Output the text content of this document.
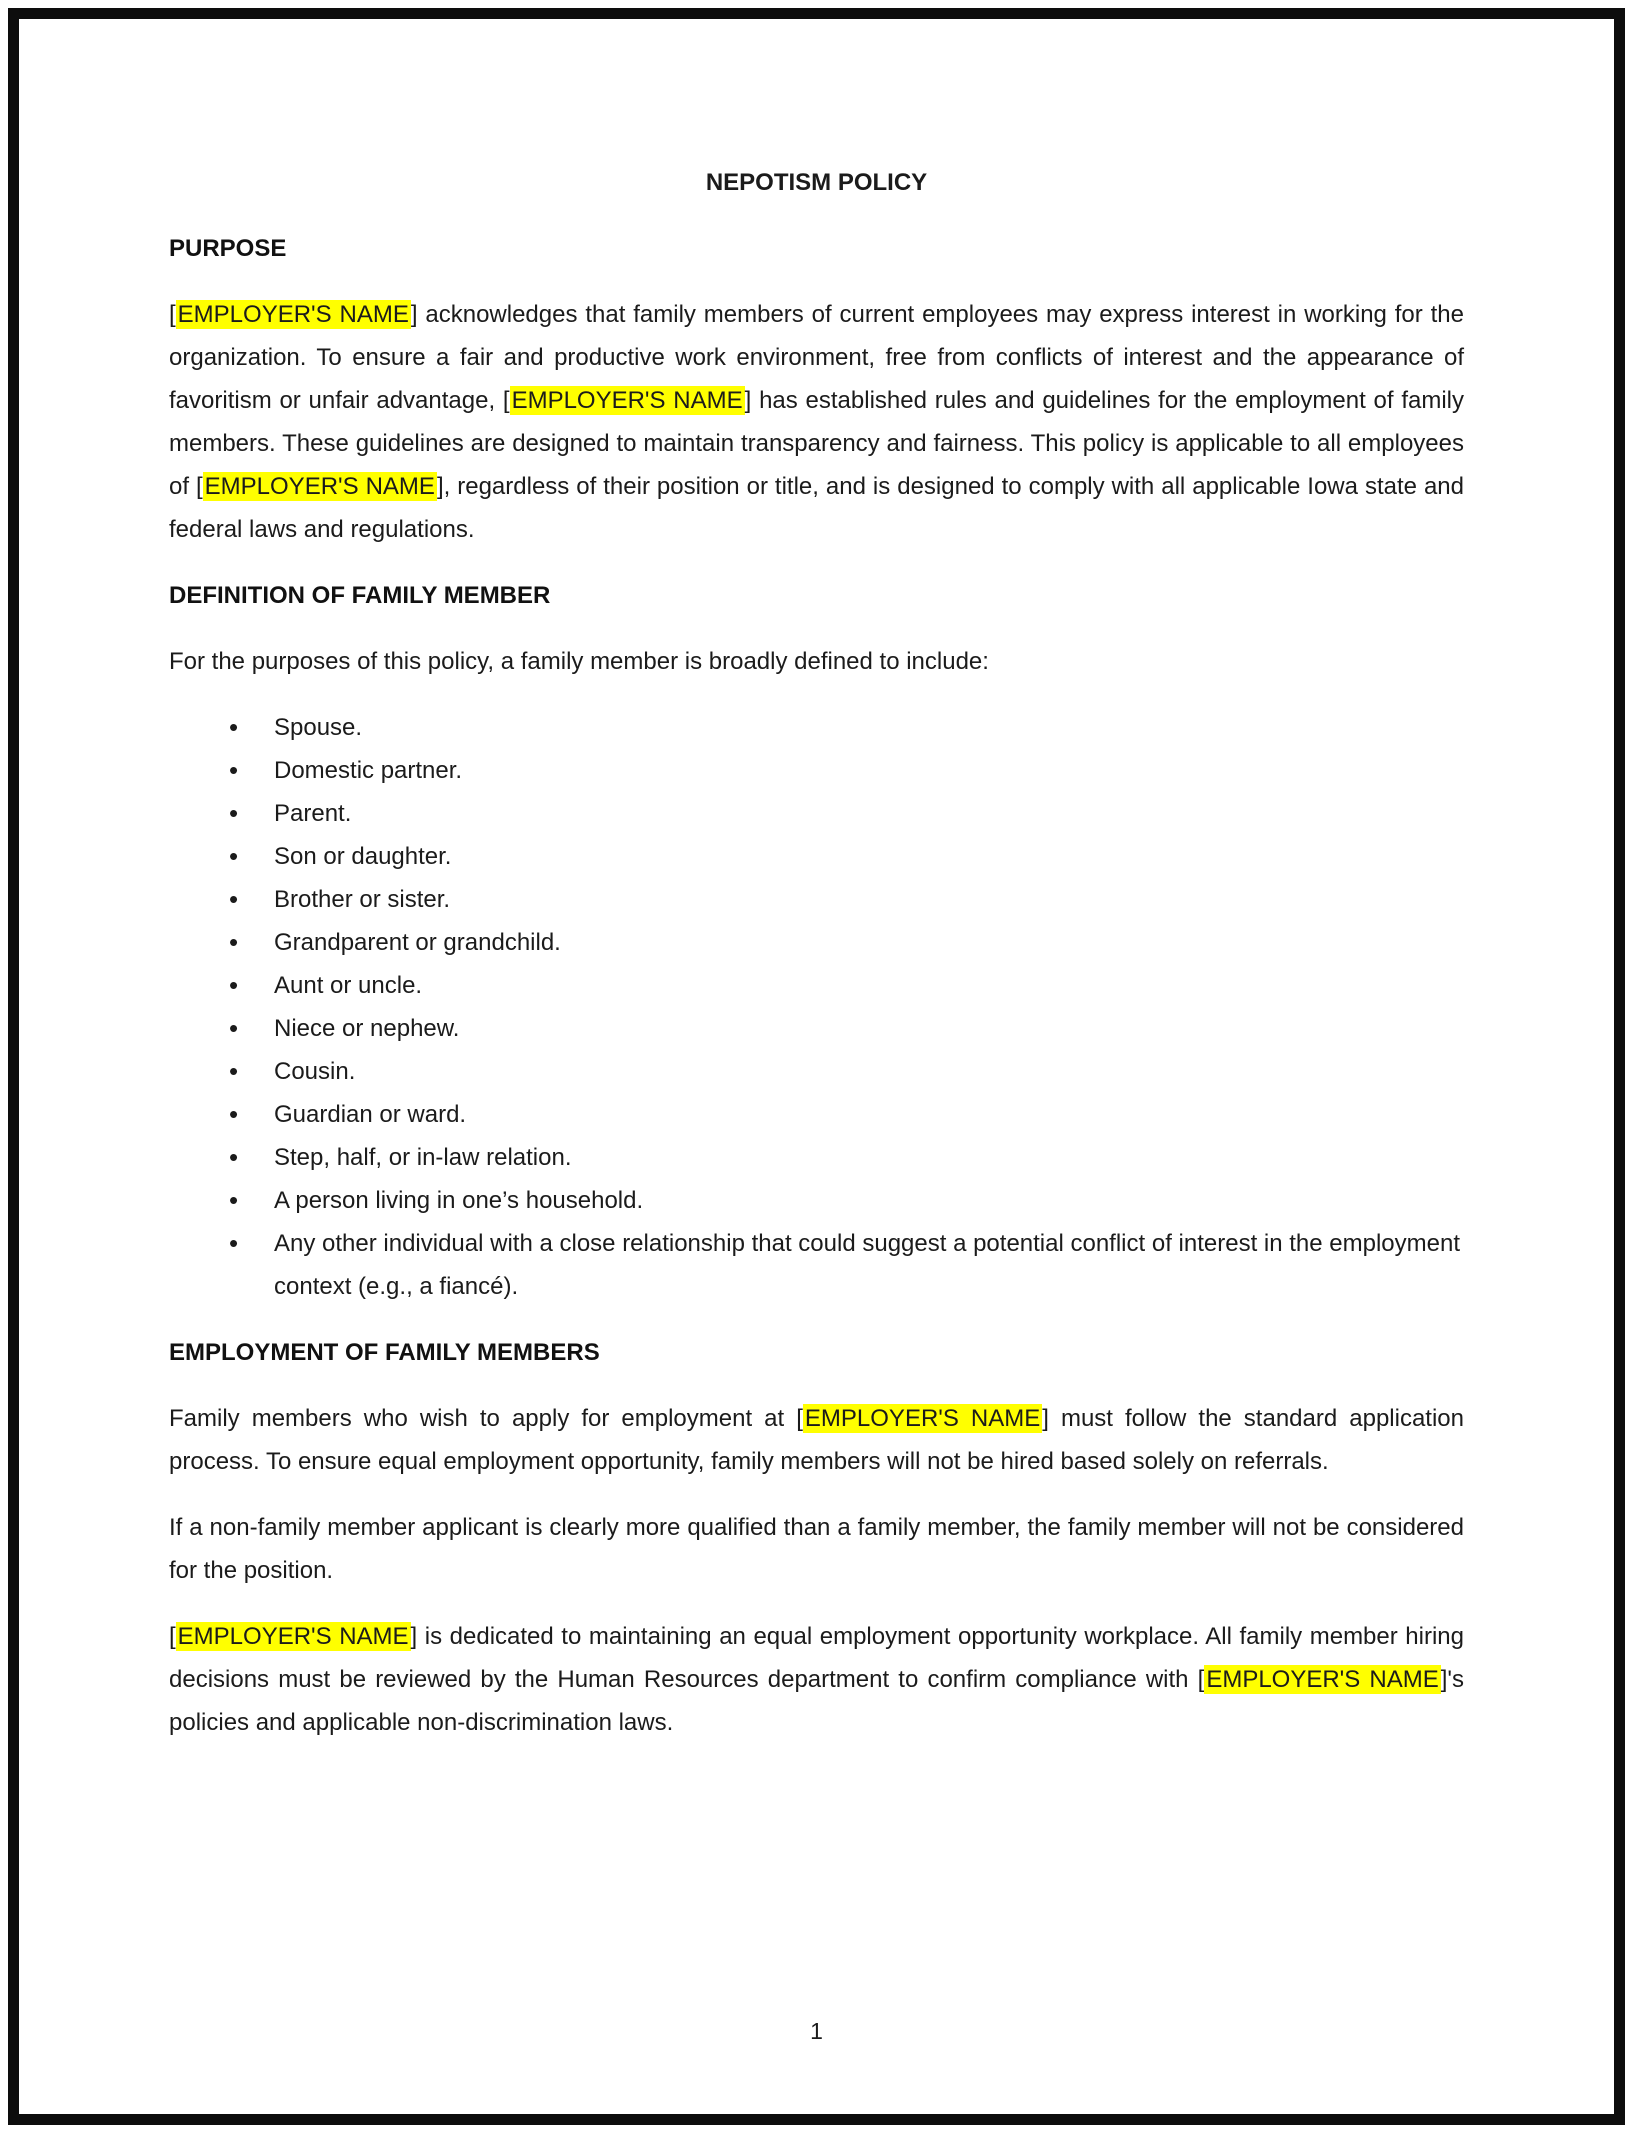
NEPOTISM POLICY
PURPOSE

[EMPLOYER'S NAME] acknowledges that family members of current employees may express interest in working for the organization. To ensure a fair and productive work environment, free from conflicts of interest and the appearance of favoritism or unfair advantage, [EMPLOYER'S NAME] has established rules and guidelines for the employment of family members. These guidelines are designed to maintain transparency and fairness. This policy is applicable to all employees of [EMPLOYER'S NAME], regardless of their position or title, and is designed to comply with all applicable Iowa state and federal laws and regulations.

DEFINITION OF FAMILY MEMBER

For the purposes of this policy, a family member is broadly defined to include:

• Spouse.
• Domestic partner.
• Parent.
• Son or daughter.
• Brother or sister.
• Grandparent or grandchild.
• Aunt or uncle.
• Niece or nephew.
• Cousin.
• Guardian or ward.
• Step, half, or in-law relation.
• A person living in one’s household.
• Any other individual with a close relationship that could suggest a potential conflict of interest in the employment context (e.g., a fiancé).
EMPLOYMENT OF FAMILY MEMBERS

Family members who wish to apply for employment at [EMPLOYER'S NAME] must follow the standard application process. To ensure equal employment opportunity, family members will not be hired based solely on referrals.

If a non-family member applicant is clearly more qualified than a family member, the family member will not be considered for the position.

[EMPLOYER'S NAME] is dedicated to maintaining an equal employment opportunity workplace. All family member hiring decisions must be reviewed by the Human Resources department to confirm compliance with [EMPLOYER'S NAME]'s policies and applicable non-discrimination laws.

1
